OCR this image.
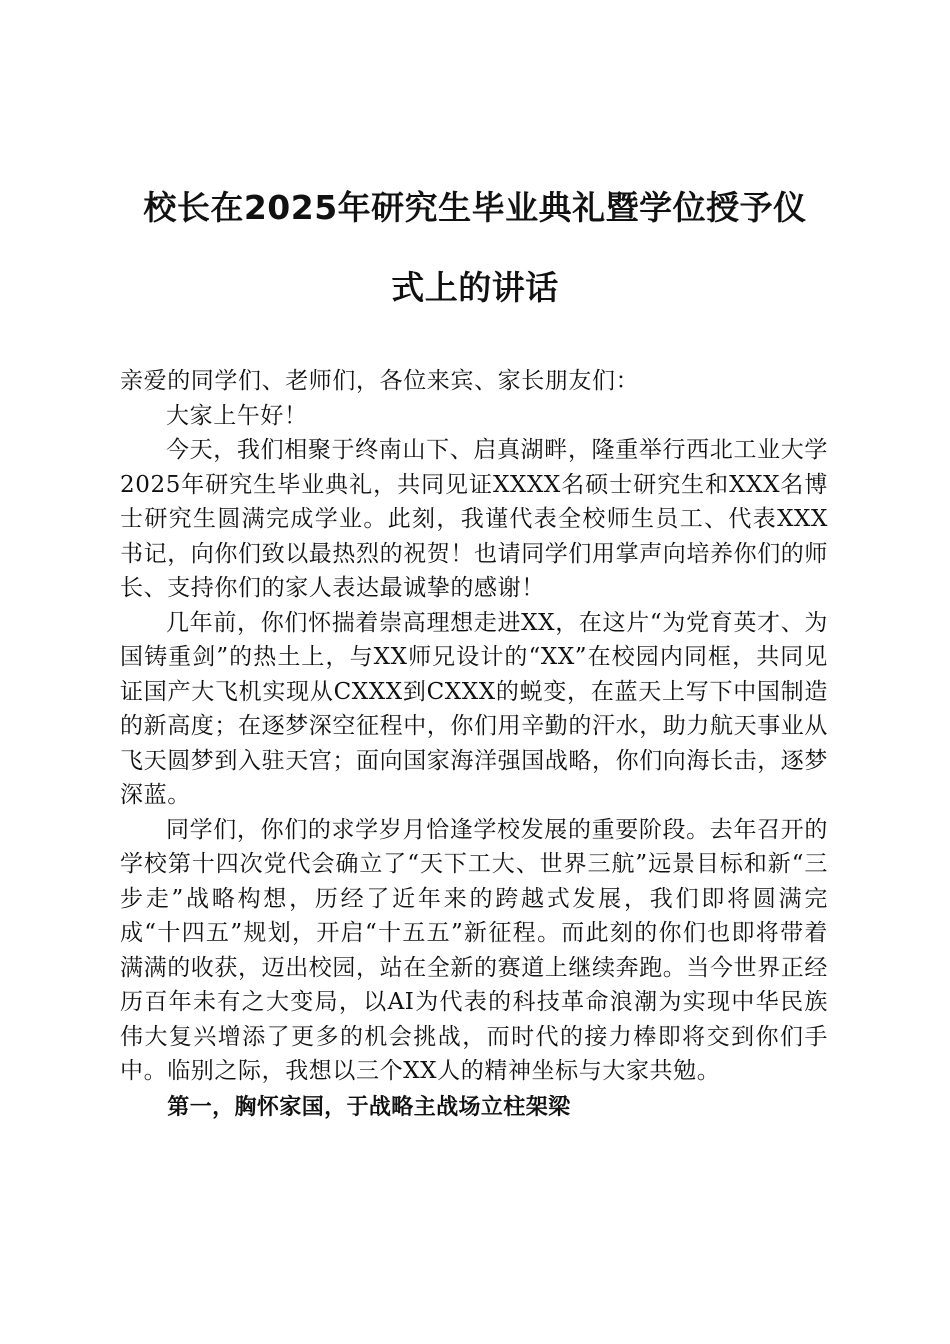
校长在2025年研究生毕业典礼暨学位授予仪
式上的讲话

亲爱的同学们、老师们，各位来宾、家长朋友们：

大家上午好！

今天，我们相聚于终南山下、启真湖畔，隆重举行西北工业大学2025年研究生毕业典礼，共同见证XXXX名硕士研究生和XXX名博士研究生圆满完成学业。此刻，我谨代表全校师生员工、代表XXX书记，向你们致以最热烈的祝贺！也请同学们用掌声向培养你们的师长、支持你们的家人表达最诚挚的感谢！

几年前，你们怀揣着崇高理想走进XX，在这片“为党育英才、为国铸重剑”的热土上，与XX师兄设计的“XX”在校园内同框，共同见证国产大飞机实现从CXXX到CXXX的蜕变，在蓝天上写下中国制造的新高度；在逐梦深空征程中，你们用辛勤的汗水，助力航天事业从飞天圆梦到入驻天宫；面向国家海洋强国战略，你们向海长击，逐梦深蓝。

同学们，你们的求学岁月恰逢学校发展的重要阶段。去年召开的学校第十四次党代会确立了“天下工大、世界三航”远景目标和新“三步走”战略构想，历经了近年来的跨越式发展，我们即将圆满完成“十四五”规划，开启“十五五”新征程。而此刻的你们也即将带着满满的收获，迈出校园，站在全新的赛道上继续奔跑。当今世界正经历百年未有之大变局，以AI为代表的科技革命浪潮为实现中华民族伟大复兴增添了更多的机会挑战，而时代的接力棒即将交到你们手中。临别之际，我想以三个XX人的精神坐标与大家共勉。

第一，胸怀家国，于战略主战场立柱架梁
